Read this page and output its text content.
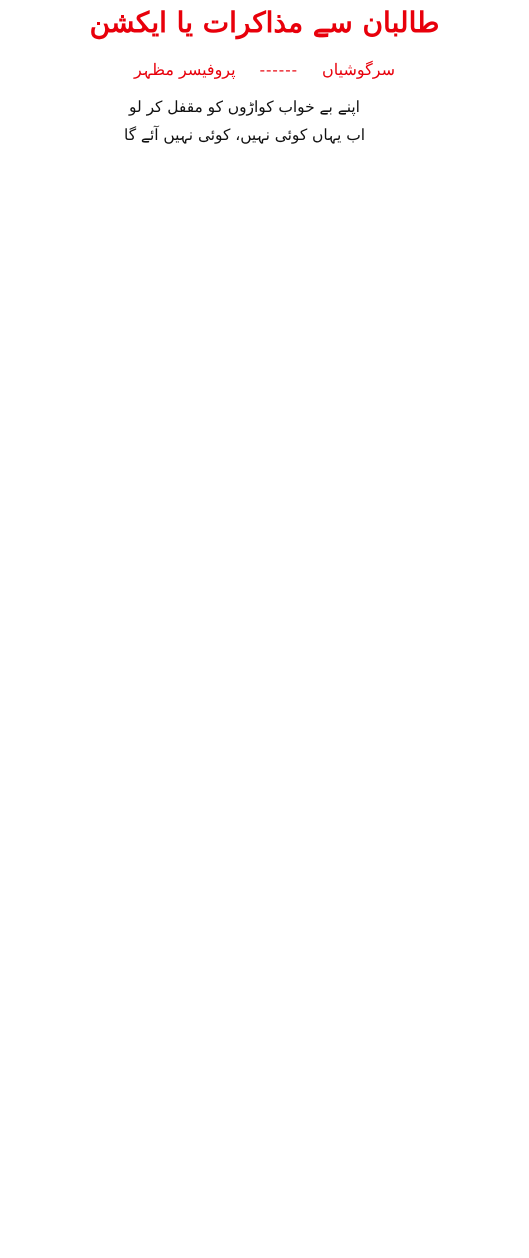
طالبان سے مذاکرات یا ایکشن
پروفیسر مظہر ------ سرگوشیاں

اپنے بے خواب کواڑوں کو مقفل کر لو

اب یہاں کوئی نہیں، کوئی نہیں آئے گا
